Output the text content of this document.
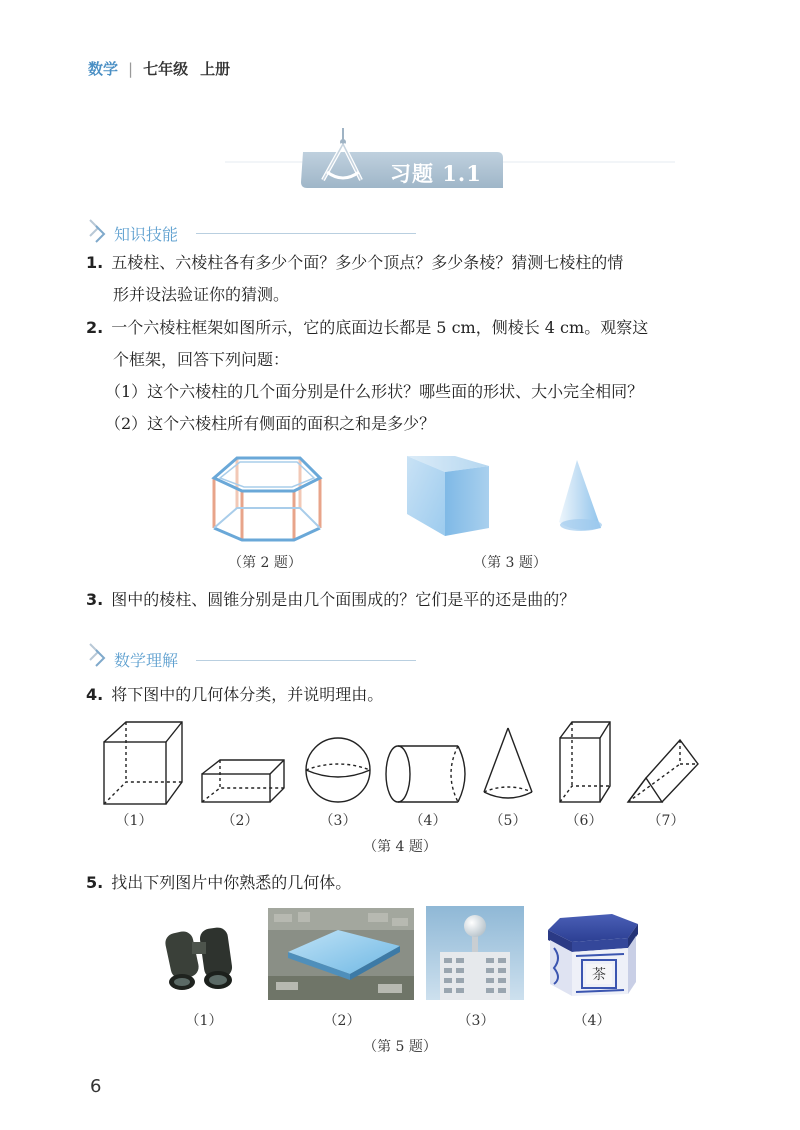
数学 | 七年级 上册
习题 1.1
知识技能
1. 五棱柱、六棱柱各有多少个面？多少个顶点？多少条棱？猜测七棱柱的情
形并设法验证你的猜测。
2. 一个六棱柱框架如图所示，它的底面边长都是 5 cm，侧棱长 4 cm。观察这
个框架，回答下列问题：
（1）这个六棱柱的几个面分别是什么形状？哪些面的形状、大小完全相同？
（2）这个六棱柱所有侧面的面积之和是多少？
（第 2 题）	（第 3 题）
3. 图中的棱柱、圆锥分别是由几个面围成的？它们是平的还是曲的？
数学理解
4. 将下图中的几何体分类，并说明理由。
（1）	（2）	（3）	（4）	（5）	（6）	（7）
（第 4 题）
5. 找出下列图片中你熟悉的几何体。
茶
（1）	（2）	（3）	（4）
（第 5 题）
6
